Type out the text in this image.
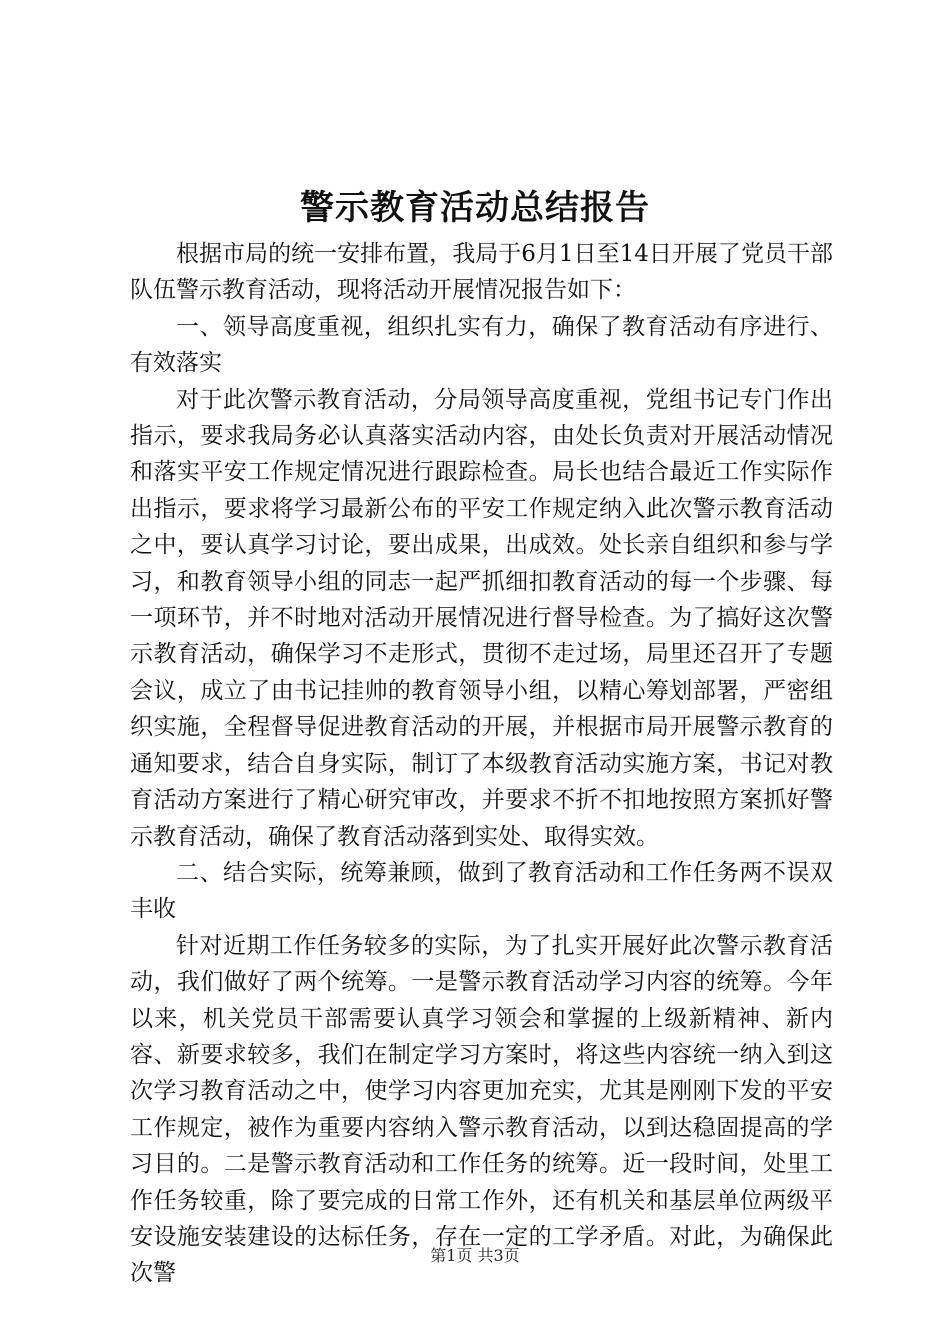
警示教育活动总结报告

根据市局的统一安排布置，我局于6月1日至14日开展了党员干部队伍警示教育活动，现将活动开展情况报告如下：

一、领导高度重视，组织扎实有力，确保了教育活动有序进行、有效落实

对于此次警示教育活动，分局领导高度重视，党组书记专门作出指示，要求我局务必认真落实活动内容，由处长负责对开展活动情况和落实平安工作规定情况进行跟踪检查。局长也结合最近工作实际作出指示，要求将学习最新公布的平安工作规定纳入此次警示教育活动之中，要认真学习讨论，要出成果，出成效。处长亲自组织和参与学习，和教育领导小组的同志一起严抓细扣教育活动的每一个步骤、每一项环节，并不时地对活动开展情况进行督导检查。为了搞好这次警示教育活动，确保学习不走形式，贯彻不走过场，局里还召开了专题会议，成立了由书记挂帅的教育领导小组，以精心筹划部署，严密组织实施，全程督导促进教育活动的开展，并根据市局开展警示教育的通知要求，结合自身实际，制订了本级教育活动实施方案，书记对教育活动方案进行了精心研究审改，并要求不折不扣地按照方案抓好警示教育活动，确保了教育活动落到实处、取得实效。

二、结合实际，统筹兼顾，做到了教育活动和工作任务两不误双丰收

针对近期工作任务较多的实际，为了扎实开展好此次警示教育活动，我们做好了两个统筹。一是警示教育活动学习内容的统筹。今年以来，机关党员干部需要认真学习领会和掌握的上级新精神、新内容、新要求较多，我们在制定学习方案时，将这些内容统一纳入到这次学习教育活动之中，使学习内容更加充实，尤其是刚刚下发的平安工作规定，被作为重要内容纳入警示教育活动，以到达稳固提高的学习目的。二是警示教育活动和工作任务的统筹。近一段时间，处里工作任务较重，除了要完成的日常工作外，还有机关和基层单位两级平安设施安装建设的达标任务，存在一定的工学矛盾。对此，为确保此次警

第1页 共3页
